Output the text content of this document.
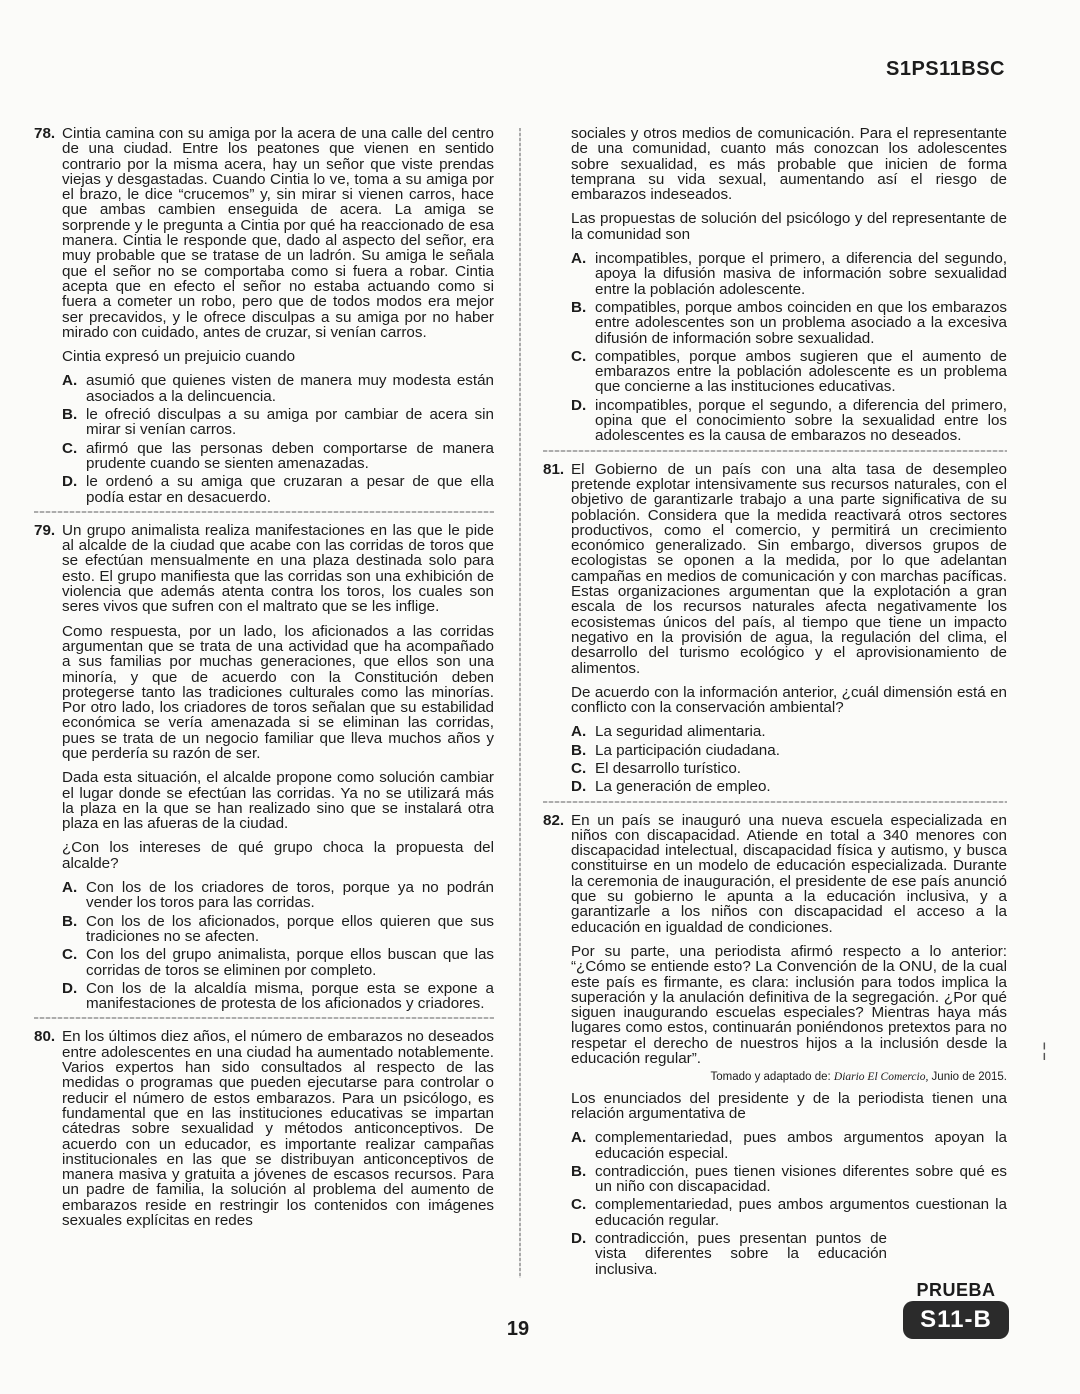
S1PS11BSC
78. Cintia camina con su amiga por la acera de una calle del centro de una ciudad. Entre los peatones que vienen en sentido contrario por la misma acera, hay un señor que viste prendas viejas y desgastadas. Cuando Cintia lo ve, toma a su amiga por el brazo, le dice “crucemos” y, sin mirar si vienen carros, hace que ambas cambien enseguida de acera. La amiga se sorprende y le pregunta a Cintia por qué ha reaccionado de esa manera. Cintia le responde que, dado al aspecto del señor, era muy probable que se tratase de un ladrón. Su amiga le señala que el señor no se comportaba como si fuera a robar. Cintia acepta que en efecto el señor no estaba actuando como si fuera a cometer un robo, pero que de todos modos era mejor ser precavidos, y le ofrece disculpas a su amiga por no haber mirado con cuidado, antes de cruzar, si venían carros.

Cintia expresó un prejuicio cuando

A. asumió que quienes visten de manera muy modesta están asociados a la delincuencia.
B. le ofreció disculpas a su amiga por cambiar de acera sin mirar si venían carros.
C. afirmó que las personas deben comportarse de manera prudente cuando se sienten amenazadas.
D. le ordenó a su amiga que cruzaran a pesar de que ella podía estar en desacuerdo.
79. Un grupo animalista realiza manifestaciones en las que le pide al alcalde de la ciudad que acabe con las corridas de toros que se efectúan mensualmente en una plaza destinada solo para esto. El grupo manifiesta que las corridas son una exhibición de violencia que además atenta contra los toros, los cuales son seres vivos que sufren con el maltrato que se les inflige.

Como respuesta, por un lado, los aficionados a las corridas argumentan que se trata de una actividad que ha acompañado a sus familias por muchas generaciones, que ellos son una minoría, y que de acuerdo con la Constitución deben protegerse tanto las tradiciones culturales como las minorías. Por otro lado, los criadores de toros señalan que su estabilidad económica se vería amenazada si se eliminan las corridas, pues se trata de un negocio familiar que lleva muchos años y que perdería su razón de ser.

Dada esta situación, el alcalde propone como solución cambiar el lugar donde se efectúan las corridas. Ya no se utilizará más la plaza en la que se han realizado sino que se instalará otra plaza en las afueras de la ciudad.

¿Con los intereses de qué grupo choca la propuesta del alcalde?

A. Con los de los criadores de toros, porque ya no podrán vender los toros para las corridas.
B. Con los de los aficionados, porque ellos quieren que sus tradiciones no se afecten.
C. Con los del grupo animalista, porque ellos buscan que las corridas de toros se eliminen por completo.
D. Con los de la alcaldía misma, porque esta se expone a manifestaciones de protesta de los aficionados y criadores.
80. En los últimos diez años, el número de embarazos no deseados entre adolescentes en una ciudad ha aumentado notablemente. Varios expertos han sido consultados al respecto de las medidas o programas que pueden ejecutarse para controlar o reducir el número de estos embarazos. Para un psicólogo, es fundamental que en las instituciones educativas se impartan cátedras sobre sexualidad y métodos anticonceptivos. De acuerdo con un educador, es importante realizar campañas institucionales en las que se distribuyan anticonceptivos de manera masiva y gratuita a jóvenes de escasos recursos. Para un padre de familia, la solución al problema del aumento de embarazos reside en restringir los contenidos con imágenes sexuales explícitas en redes

sociales y otros medios de comunicación. Para el representante de una comunidad, cuanto más conozcan los adolescentes sobre sexualidad, es más probable que inicien de forma temprana su vida sexual, aumentando así el riesgo de embarazos indeseados.

Las propuestas de solución del psicólogo y del representante de la comunidad son

A. incompatibles, porque el primero, a diferencia del segundo, apoya la difusión masiva de información sobre sexualidad entre la población adolescente.
B. compatibles, porque ambos coinciden en que los embarazos entre adolescentes son un problema asociado a la excesiva difusión de información sobre sexualidad.
C. compatibles, porque ambos sugieren que el aumento de embarazos entre la población adolescente es un problema que concierne a las instituciones educativas.
D. incompatibles, porque el segundo, a diferencia del primero, opina que el conocimiento sobre la sexualidad entre los adolescentes es la causa de embarazos no deseados.
81. El Gobierno de un país con una alta tasa de desempleo pretende explotar intensivamente sus recursos naturales, con el objetivo de garantizarle trabajo a una parte significativa de su población. Considera que la medida reactivará otros sectores productivos, como el comercio, y permitirá un crecimiento económico generalizado. Sin embargo, diversos grupos de ecologistas se oponen a la medida, por lo que adelantan campañas en medios de comunicación y con marchas pacíficas. Estas organizaciones argumentan que la explotación a gran escala de los recursos naturales afecta negativamente los ecosistemas únicos del país, al tiempo que tiene un impacto negativo en la provisión de agua, la regulación del clima, el desarrollo del turismo ecológico y el aprovisionamiento de alimentos.

De acuerdo con la información anterior, ¿cuál dimensión está en conflicto con la conservación ambiental?

A. La seguridad alimentaria.
B. La participación ciudadana.
C. El desarrollo turístico.
D. La generación de empleo.
82. En un país se inauguró una nueva escuela especializada en niños con discapacidad. Atiende en total a 340 menores con discapacidad intelectual, discapacidad física y autismo, y busca constituirse en un modelo de educación especializada. Durante la ceremonia de inauguración, el presidente de ese país anunció que su gobierno le apunta a la educación inclusiva, y a garantizarle a los niños con discapacidad el acceso a la educación en igualdad de condiciones.

Por su parte, una periodista afirmó respecto a lo anterior: “¿Cómo se entiende esto? La Convención de la ONU, de la cual este país es firmante, es clara: inclusión para todos implica la superación y la anulación definitiva de la segregación. ¿Por qué siguen inaugurando escuelas especiales? Mientras haya más lugares como estos, continuarán poniéndonos pretextos para no respetar el derecho de nuestros hijos a la inclusión desde la educación regular”.

Tomado y adaptado de: Diario El Comercio, Junio de 2015.

Los enunciados del presidente y de la periodista tienen una relación argumentativa de

A. complementariedad, pues ambos argumentos apoyan la educación especial.
B. contradicción, pues tienen visiones diferentes sobre qué es un niño con discapacidad.
C. complementariedad, pues ambos argumentos cuestionan la educación regular.
D. contradicción, pues presentan puntos de vista diferentes sobre la educación inclusiva.
¦
19
PRUEBA
S11-B
